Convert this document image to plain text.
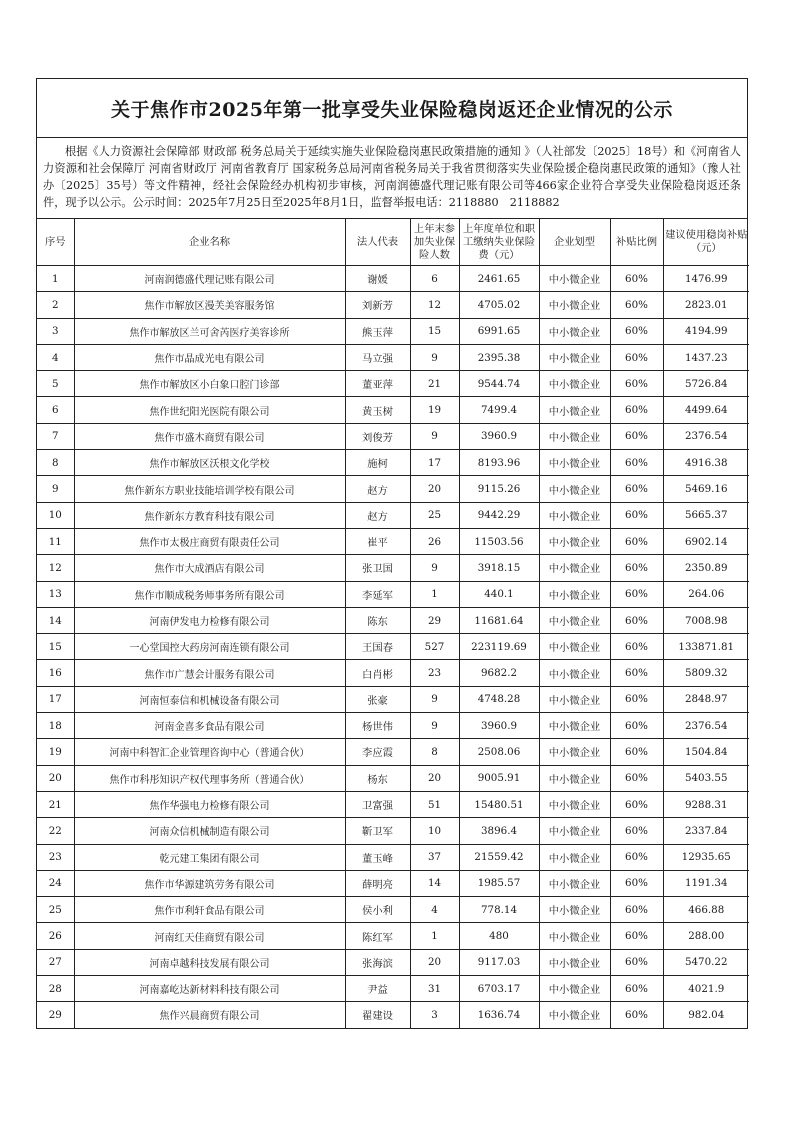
关于焦作市2025年第一批享受失业保险稳岗返还企业情况的公示
根据《人力资源社会保障部 财政部 税务总局关于延续实施失业保险稳岗惠民政策措施的通知 》（人社部发〔2025〕18号）和《河南省人力资源和社会保障厅 河南省财政厅 河南省教育厅 国家税务总局河南省税务局关于我省贯彻落实失业保险援企稳岗惠民政策的通知》（豫人社办〔2025〕35号）等文件精神，经社会保险经办机构初步审核，河南润德盛代理记账有限公司等466家企业符合享受失业保险稳岗返还条件，现予以公示。公示时间：2025年7月25日至2025年8月1日，监督举报电话：2118880　2118882
序号	企业名称	法人代表	上年末参加失业保险人数	上年度单位和职工缴纳失业保险费（元）	企业划型	补贴比例	建议使用稳岗补贴（元）
1	河南润德盛代理记账有限公司	谢媛	6	2461.65	中小微企业	60%	1476.99
2	焦作市解放区漫芙美容服务馆	刘新芳	12	4705.02	中小微企业	60%	2823.01
3	焦作市解放区兰可舍芮医疗美容诊所	熊玉萍	15	6991.65	中小微企业	60%	4194.99
4	焦作市晶成光电有限公司	马立强	9	2395.38	中小微企业	60%	1437.23
5	焦作市解放区小白象口腔门诊部	董亚萍	21	9544.74	中小微企业	60%	5726.84
6	焦作世纪阳光医院有限公司	黄玉树	19	7499.4	中小微企业	60%	4499.64
7	焦作市盛木商贸有限公司	刘俊芳	9	3960.9	中小微企业	60%	2376.54
8	焦作市解放区沃根文化学校	施柯	17	8193.96	中小微企业	60%	4916.38
9	焦作新东方职业技能培训学校有限公司	赵方	20	9115.26	中小微企业	60%	5469.16
10	焦作新东方教育科技有限公司	赵方	25	9442.29	中小微企业	60%	5665.37
11	焦作市太极庄商贸有限责任公司	崔平	26	11503.56	中小微企业	60%	6902.14
12	焦作市大成酒店有限公司	张卫国	9	3918.15	中小微企业	60%	2350.89
13	焦作市顺成税务师事务所有限公司	李延军	1	440.1	中小微企业	60%	264.06
14	河南伊发电力检修有限公司	陈东	29	11681.64	中小微企业	60%	7008.98
15	一心堂国控大药房河南连锁有限公司	王国春	527	223119.69	中小微企业	60%	133871.81
16	焦作市广慧会计服务有限公司	白肖彬	23	9682.2	中小微企业	60%	5809.32
17	河南恒泰信和机械设备有限公司	张豪	9	4748.28	中小微企业	60%	2848.97
18	河南金喜多食品有限公司	杨世伟	9	3960.9	中小微企业	60%	2376.54
19	河南中科智汇企业管理咨询中心（普通合伙）	李应霞	8	2508.06	中小微企业	60%	1504.84
20	焦作市科彤知识产权代理事务所（普通合伙）	杨东	20	9005.91	中小微企业	60%	5403.55
21	焦作华强电力检修有限公司	卫富强	51	15480.51	中小微企业	60%	9288.31
22	河南众信机械制造有限公司	靳卫军	10	3896.4	中小微企业	60%	2337.84
23	乾元建工集团有限公司	董玉峰	37	21559.42	中小微企业	60%	12935.65
24	焦作市华源建筑劳务有限公司	薛明亮	14	1985.57	中小微企业	60%	1191.34
25	焦作市利轩食品有限公司	侯小利	4	778.14	中小微企业	60%	466.88
26	河南红天佳商贸有限公司	陈红军	1	480	中小微企业	60%	288.00
27	河南卓越科技发展有限公司	张海滨	20	9117.03	中小微企业	60%	5470.22
28	河南嘉屹达新材料科技有限公司	尹益	31	6703.17	中小微企业	60%	4021.9
29	焦作兴晨商贸有限公司	翟建设	3	1636.74	中小微企业	60%	982.04
